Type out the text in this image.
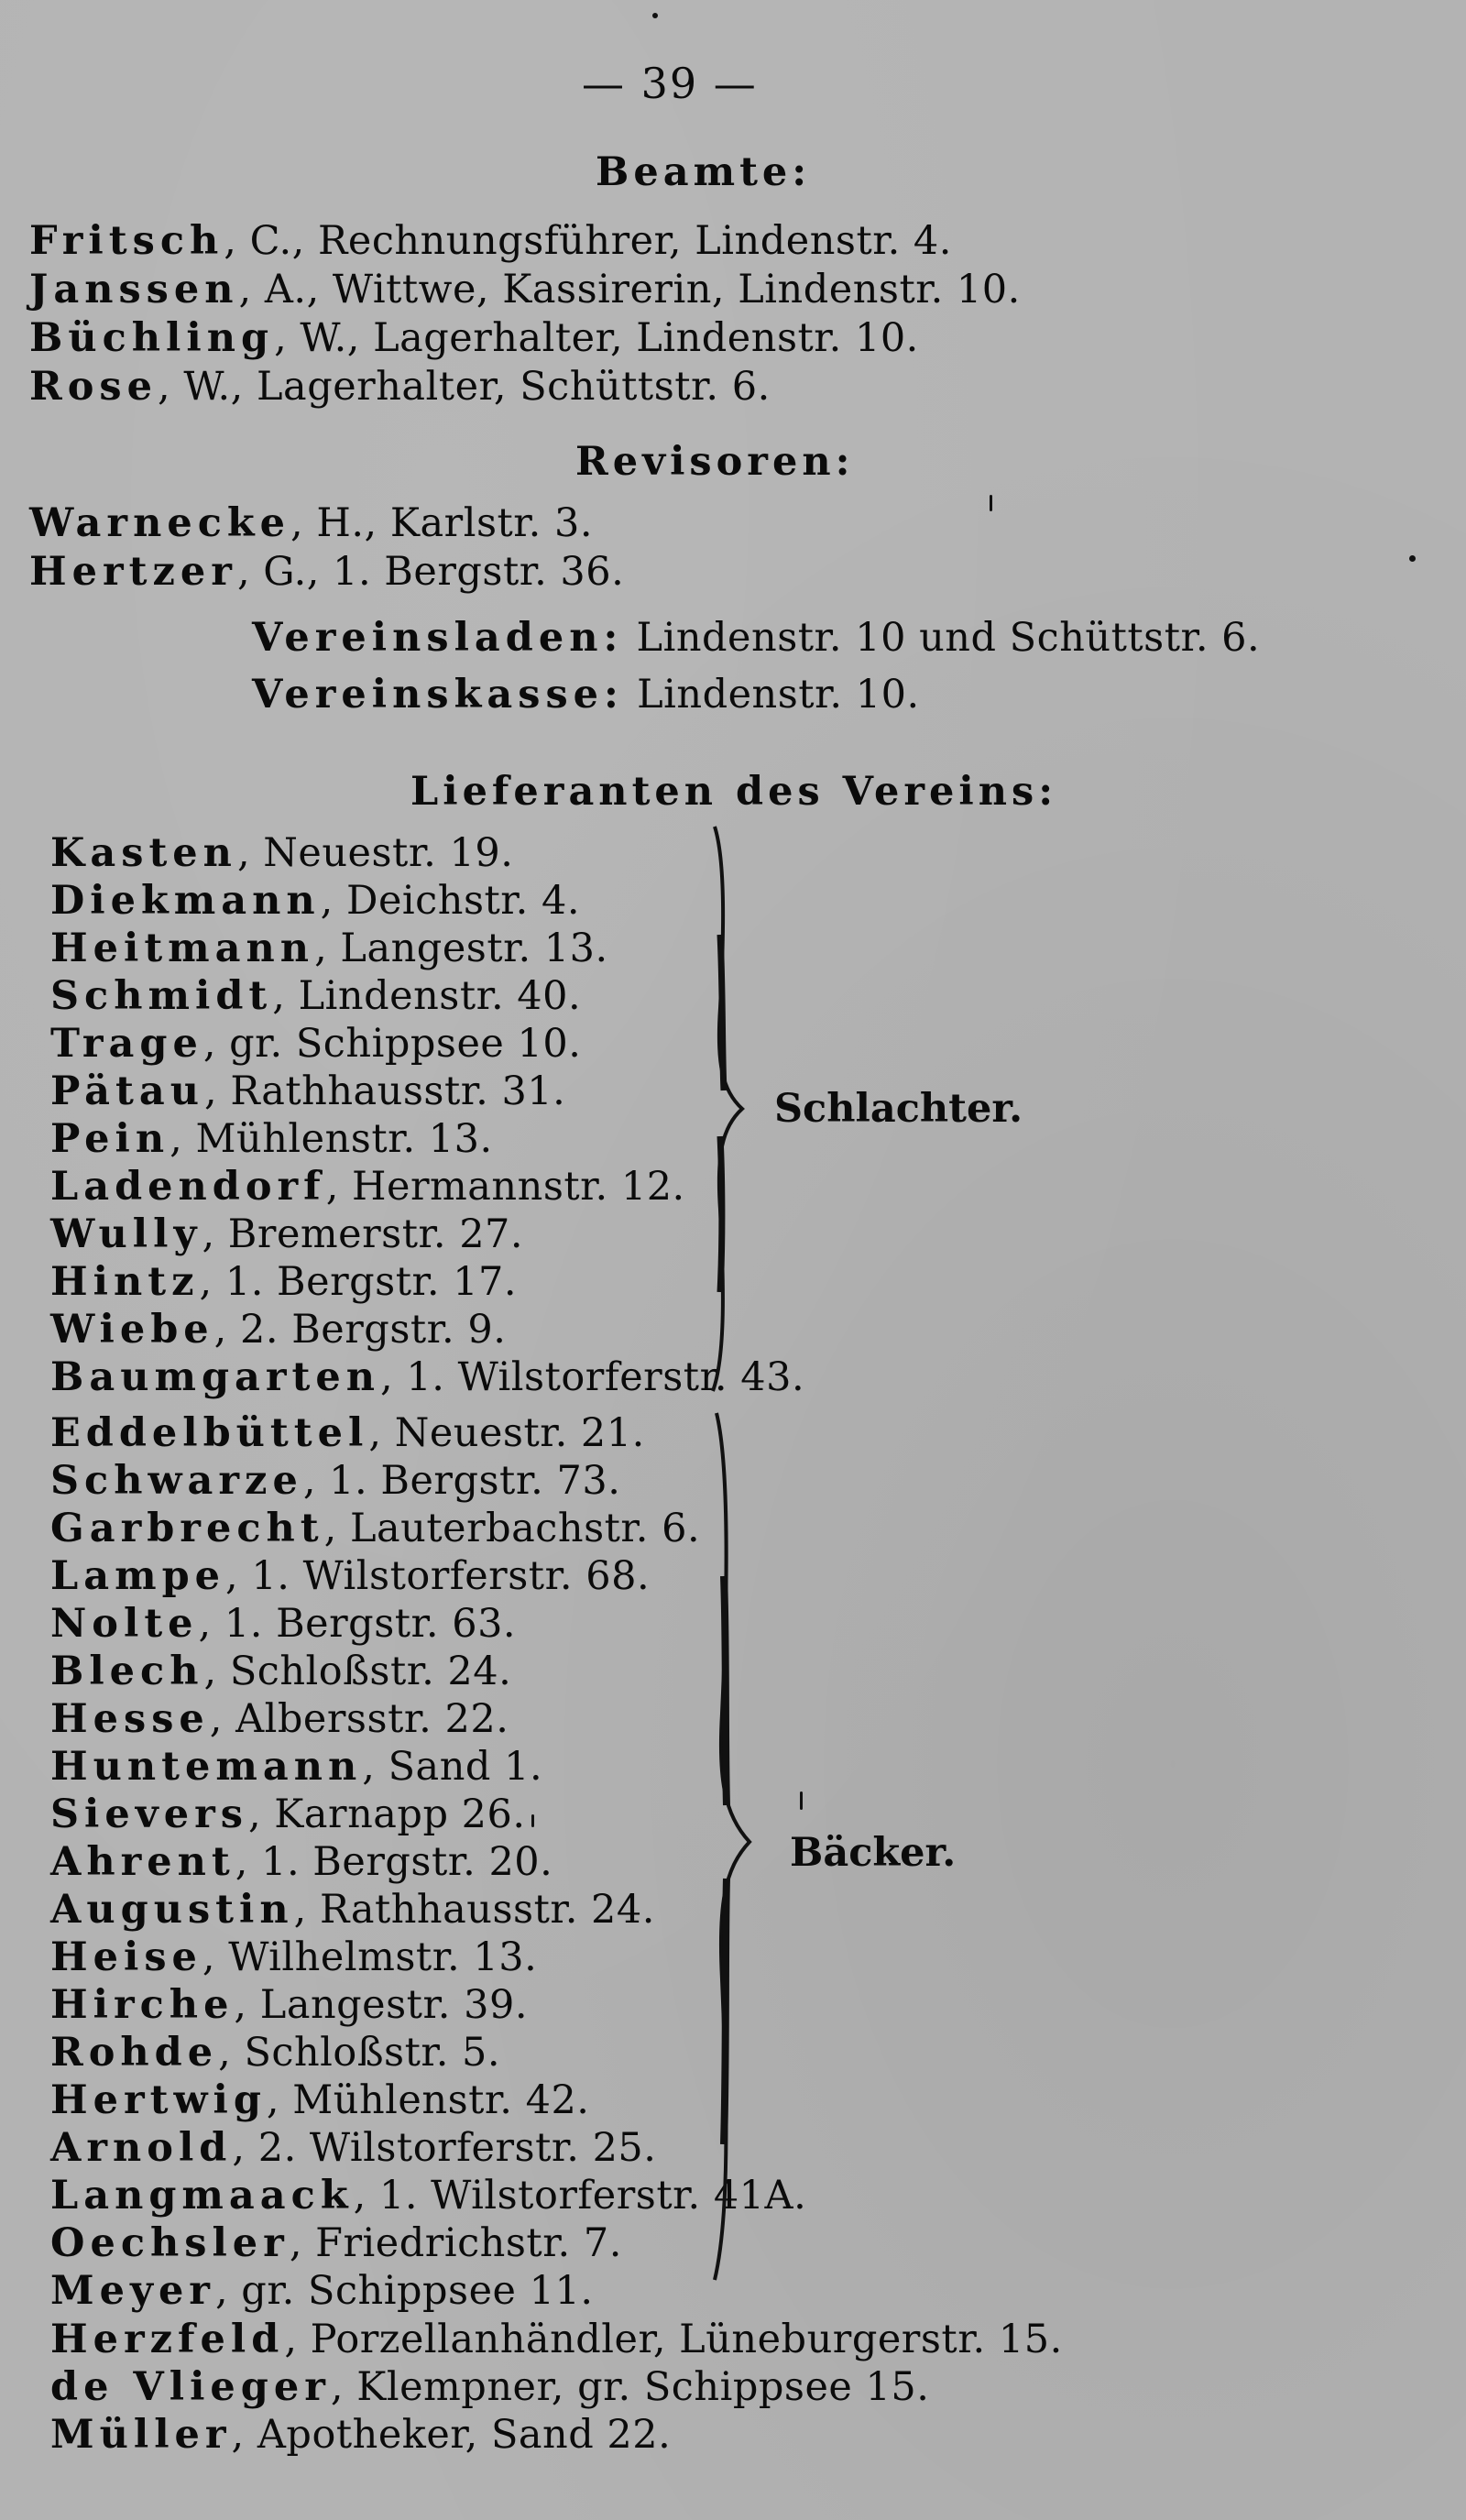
— 39 —
Beamte:
Fritsch, C., Rechnungsführer, Lindenstr. 4.
Janssen, A., Wittwe, Kassirerin, Lindenstr. 10.
Büchling, W., Lagerhalter, Lindenstr. 10.
Rose, W., Lagerhalter, Schüttstr. 6.
Revisoren:
Warnecke, H., Karlstr. 3.
Hertzer, G., 1. Bergstr. 36.
Vereinsladen: Lindenstr. 10 und Schüttstr. 6.
Vereinskasse: Lindenstr. 10.
Lieferanten des Vereins:
Kasten, Neuestr. 19.
Diekmann, Deichstr. 4.
Heitmann, Langestr. 13.
Schmidt, Lindenstr. 40.
Trage, gr. Schippsee 10.
Pätau, Rathhausstr. 31.
Pein, Mühlenstr. 13.
Ladendorf, Hermannstr. 12.
Wully, Bremerstr. 27.
Hintz, 1. Bergstr. 17.
Wiebe, 2. Bergstr. 9.
Baumgarten, 1. Wilstorferstr. 43.
Schlachter.
Eddelbüttel, Neuestr. 21.
Schwarze, 1. Bergstr. 73.
Garbrecht, Lauterbachstr. 6.
Lampe, 1. Wilstorferstr. 68.
Nolte, 1. Bergstr. 63.
Blech, Schloßstr. 24.
Hesse, Albersstr. 22.
Huntemann, Sand 1.
Sievers, Karnapp 26.
Ahrent, 1. Bergstr. 20.
Augustin, Rathhausstr. 24.
Heise, Wilhelmstr. 13.
Hirche, Langestr. 39.
Rohde, Schloßstr. 5.
Hertwig, Mühlenstr. 42.
Arnold, 2. Wilstorferstr. 25.
Langmaack, 1. Wilstorferstr. 41A.
Oechsler, Friedrichstr. 7.
Meyer, gr. Schippsee 11.
Bäcker.
Herzfeld, Porzellanhändler, Lüneburgerstr. 15.
de Vlieger, Klempner, gr. Schippsee 15.
Müller, Apotheker, Sand 22.
